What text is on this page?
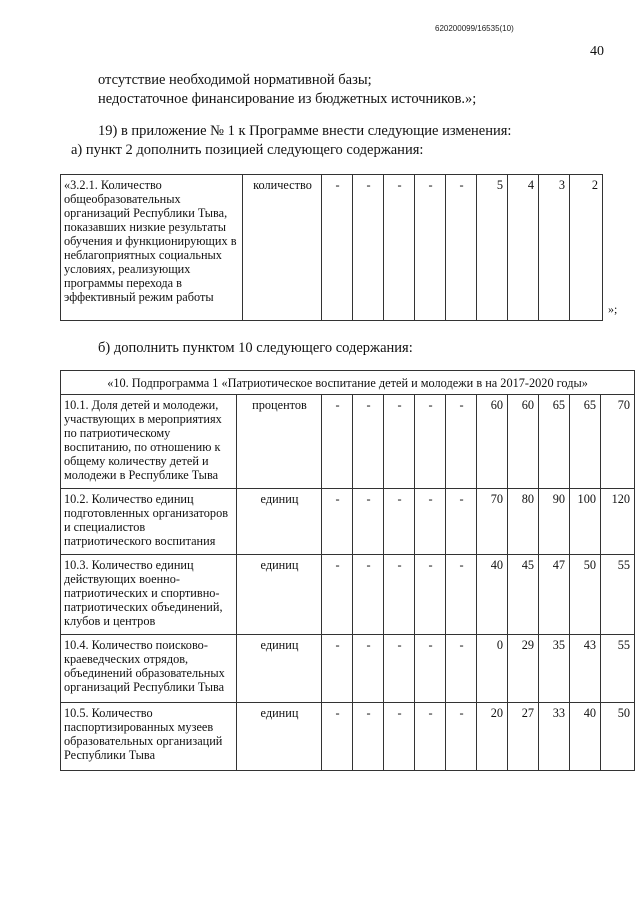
620200099/16535(10)
40
отсутствие необходимой нормативной базы;
недостаточное финансирование из бюджетных источников.»;
19) в приложение № 1 к Программе внести следующие изменения:
а) пункт 2 дополнить позицией следующего содержания:
«3.2.1. Количество общеобразовательных организаций Республики Тыва, показавших низкие результаты обучения и функционирующих в неблагоприятных социальных условиях, реализующих программы перехода в эффективный режим работы	количество	-	-	-	-	-	5	4	3	2
»;
б) дополнить пунктом 10 следующего содержания:
«10. Подпрограмма 1 «Патриотическое воспитание детей и молодежи в на 2017-2020 годы»											
10.1. Доля детей и молодежи, участвующих в мероприятиях по патриотическому воспитанию, по отношению к общему количеству детей и молодежи в Республике Тыва	процентов	-	-	-	-	-	60	60	65	65	70
10.2. Количество единиц подготовленных организаторов и специалистов патриотического воспитания	единиц	-	-	-	-	-	70	80	90	100	120
10.3. Количество единиц действующих военно-патриотических и спортивно-патриотических объединений, клубов и центров	единиц	-	-	-	-	-	40	45	47	50	55
10.4. Количество поисково-краеведческих отрядов, объединений образовательных организаций Республики Тыва	единиц	-	-	-	-	-	0	29	35	43	55
10.5. Количество паспортизированных музеев образовательных организаций Республики Тыва	единиц	-	-	-	-	-	20	27	33	40	50
